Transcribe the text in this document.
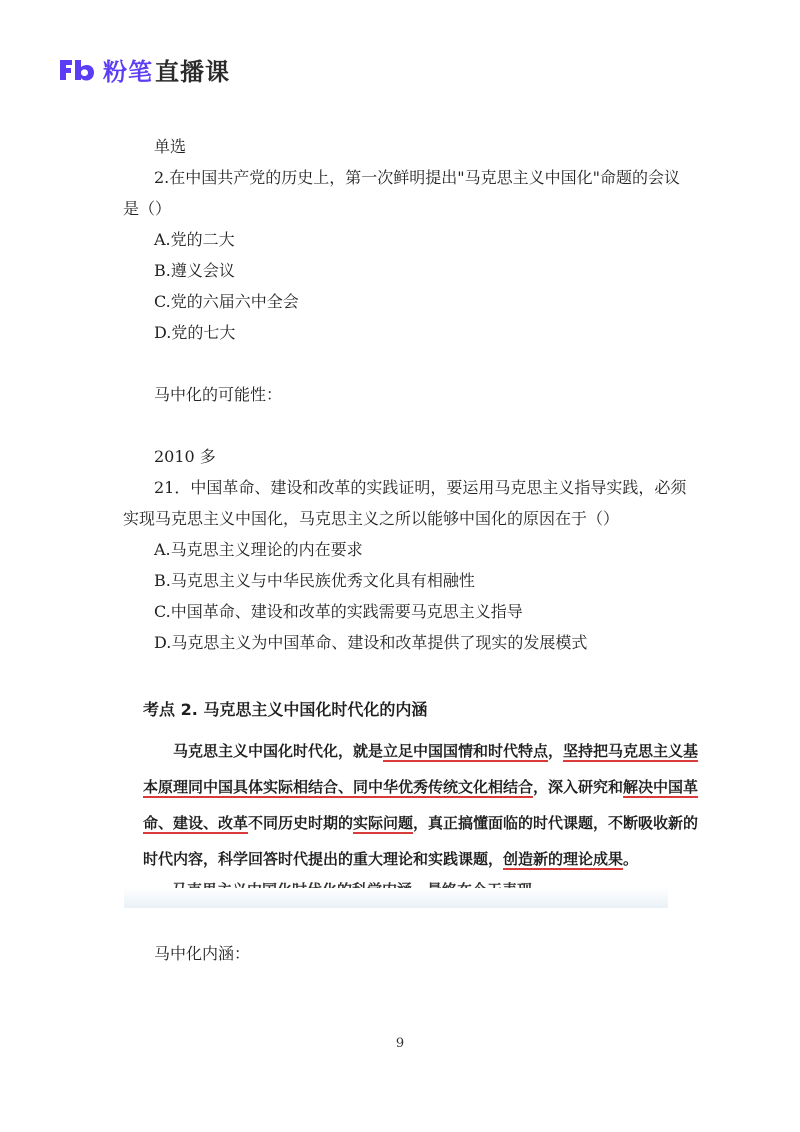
粉笔直播课
单选
2.在中国共产党的历史上，第一次鲜明提出"马克思主义中国化"命题的会议
是（）
A.党的二大
B.遵义会议
C.党的六届六中全会
D.党的七大
马中化的可能性：
2010 多
21．中国革命、建设和改革的实践证明，要运用马克思主义指导实践，必须
实现马克思主义中国化，马克思主义之所以能够中国化的原因在于（）
A.马克思主义理论的内在要求
B.马克思主义与中华民族优秀文化具有相融性
C.中国革命、建设和改革的实践需要马克思主义指导
D.马克思主义为中国革命、建设和改革提供了现实的发展模式
考点 2. 马克思主义中国化时代化的内涵
马克思主义中国化时代化，就是立足中国国情和时代特点，坚持把马克思主义基
本原理同中国具体实际相结合、同中华优秀传统文化相结合，深入研究和解决中国革
命、建设、改革不同历史时期的实际问题，真正搞懂面临的时代课题，不断吸收新的
时代内容，科学回答时代提出的重大理论和实践课题，创造新的理论成果。
马中化内涵：
9
